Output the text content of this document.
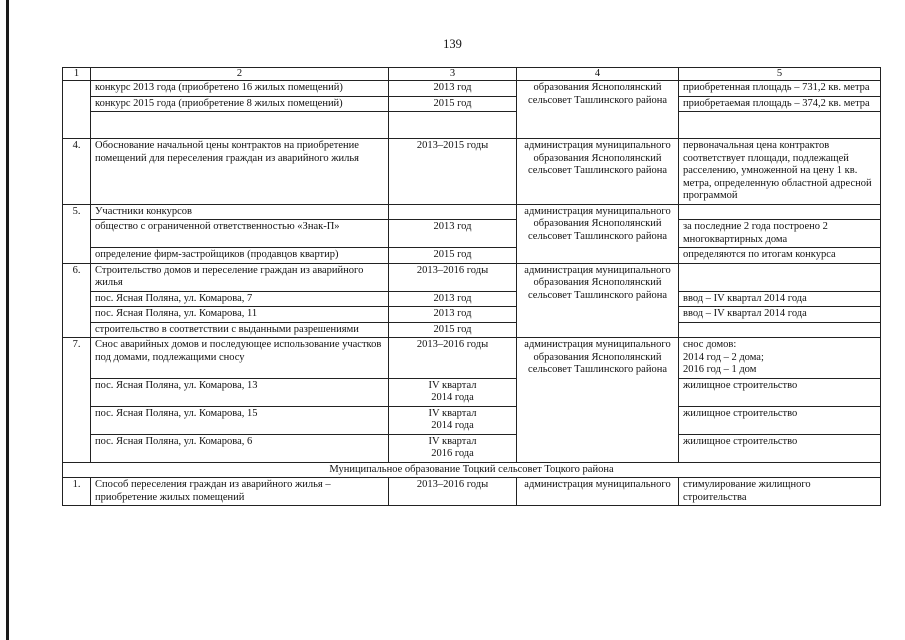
139
1	2	3	4	5
	конкурс 2013 года (приобретено 16 жилых помещений)	2013 год	образования Яснополянский сельсовет Ташлинского района	приобретенная площадь – 731,2 кв. метра
	конкурс 2015 года (приобретение 8 жилых помещений)	2015 год		приобретаемая площадь – 374,2 кв. метра

4.	Обоснование начальной цены контрактов на приобретение помещений для переселения граждан из аварийного жилья	2013–2015 годы	администрация муниципального образования Яснополянский сельсовет Ташлинского района	первоначальная цена контрактов соответствует площади, подлежащей расселению, умноженной на цену 1 кв. метра, определенную областной адресной программой
5.	Участники конкурсов		администрация муниципального образования Яснополянский сельсовет Ташлинского района	
	общество с ограниченной ответственностью «Знак-П»	2013 год		за последние 2 года построено 2 многоквартирных дома
	определение фирм-застройщиков (продавцов квартир)	2015 год		определяются по итогам конкурса
6.	Строительство домов и переселение граждан из аварийного жилья	2013–2016 годы	администрация муниципального образования Яснополянский сельсовет Ташлинского района	
	пос. Ясная Поляна, ул. Комарова, 7	2013 год		ввод – IV квартал 2014 года
	пос. Ясная Поляна, ул. Комарова, 11	2013 год		ввод – IV квартал 2014 года
	строительство в соответствии с выданными разрешениями	2015 год		
7.	Снос аварийных домов и последующее использование участков под домами, подлежащими сносу	2013–2016 годы	администрация муниципального образования Яснополянский сельсовет Ташлинского района	снос домов:
2014 год – 2 дома;
2016 год – 1 дом

	пос. Ясная Поляна, ул. Комарова, 13	IV квартал
2014 года		жилищное строительство
	пос. Ясная Поляна, ул. Комарова, 15	IV квартал
2014 года		жилищное строительство
	пос. Ясная Поляна, ул. Комарова, 6	IV квартал
2016 года		жилищное строительство
Муниципальное образование Тоцкий сельсовет Тоцкого района				
1.	Способ переселения граждан из аварийного жилья – приобретение жилых помещений	2013–2016 годы	администрация муниципального	стимулирование жилищного строительства
